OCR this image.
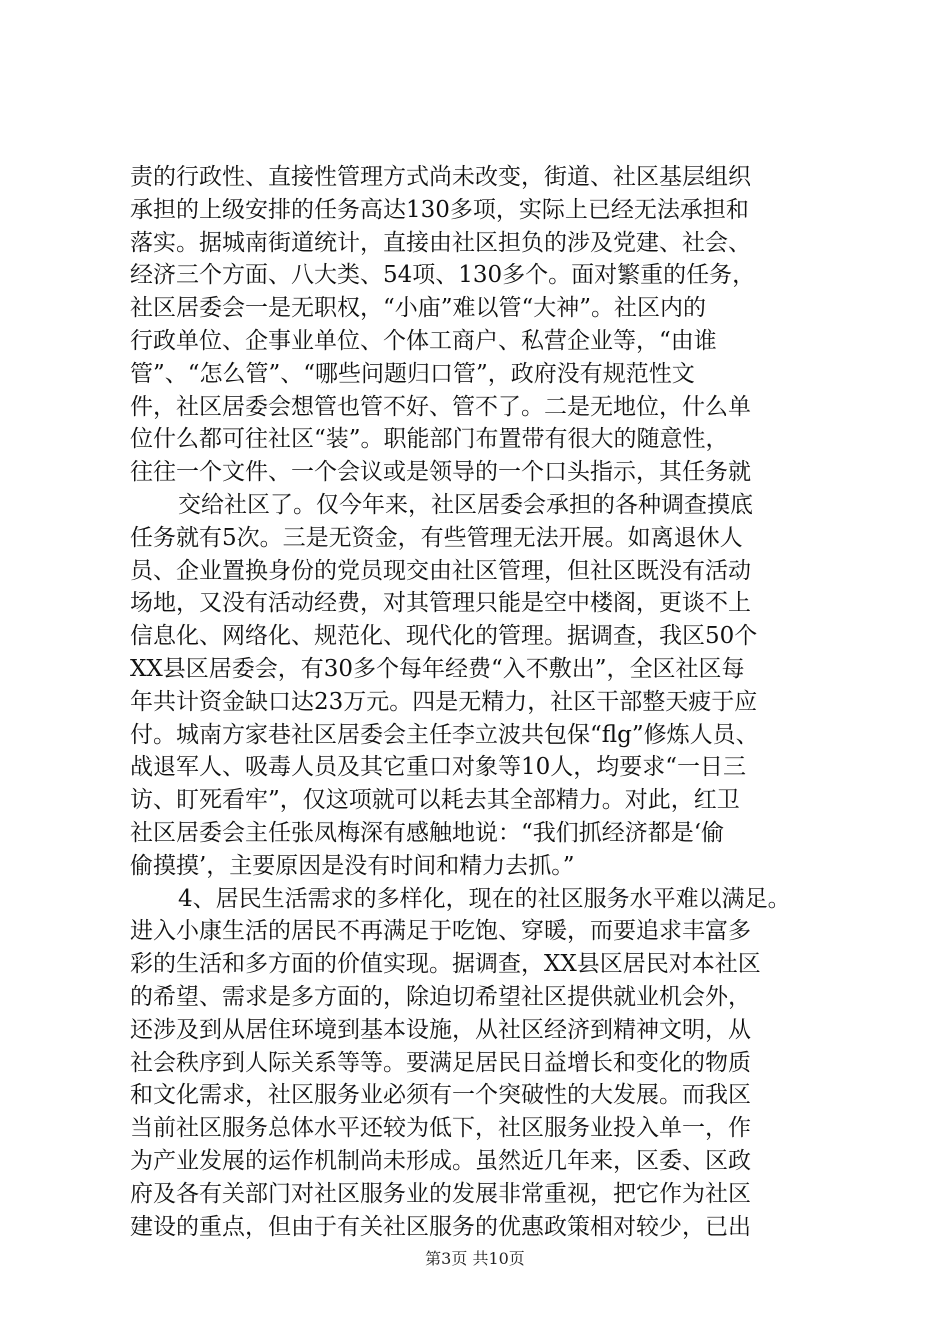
责的行政性、直接性管理方式尚未改变，街道、社区基层组织
承担的上级安排的任务高达130多项，实际上已经无法承担和
落实。据城南街道统计，直接由社区担负的涉及党建、社会、
经济三个方面、八大类、54项、130多个。面对繁重的任务，
社区居委会一是无职权，“小庙”难以管“大神”。社区内的
行政单位、企事业单位、个体工商户、私营企业等，“由谁
管”、“怎么管”、“哪些问题归口管”，政府没有规范性文
件，社区居委会想管也管不好、管不了。二是无地位，什么单
位什么都可往社区“装”。职能部门布置带有很大的随意性，
往往一个文件、一个会议或是领导的一个口头指示，其任务就
交给社区了。仅今年来，社区居委会承担的各种调查摸底
任务就有5次。三是无资金，有些管理无法开展。如离退休人
员、企业置换身份的党员现交由社区管理，但社区既没有活动
场地，又没有活动经费，对其管理只能是空中楼阁，更谈不上
信息化、网络化、规范化、现代化的管理。据调查，我区50个
XX县区居委会，有30多个每年经费“入不敷出”，全区社区每
年共计资金缺口达23万元。四是无精力，社区干部整天疲于应
付。城南方家巷社区居委会主任李立波共包保“flg”修炼人员、
战退军人、吸毒人员及其它重口对象等10人，均要求“一日三
访、盯死看牢”，仅这项就可以耗去其全部精力。对此，红卫
社区居委会主任张凤梅深有感触地说：“我们抓经济都是‘偷
偷摸摸’，主要原因是没有时间和精力去抓。”
4、居民生活需求的多样化，现在的社区服务水平难以满足。
进入小康生活的居民不再满足于吃饱、穿暖，而要追求丰富多
彩的生活和多方面的价值实现。据调查，XX县区居民对本社区
的希望、需求是多方面的，除迫切希望社区提供就业机会外，
还涉及到从居住环境到基本设施，从社区经济到精神文明，从
社会秩序到人际关系等等。要满足居民日益增长和变化的物质
和文化需求，社区服务业必须有一个突破性的大发展。而我区
当前社区服务总体水平还较为低下，社区服务业投入单一，作
为产业发展的运作机制尚未形成。虽然近几年来，区委、区政
府及各有关部门对社区服务业的发展非常重视，把它作为社区
建设的重点，但由于有关社区服务的优惠政策相对较少，已出
第3页 共10页
